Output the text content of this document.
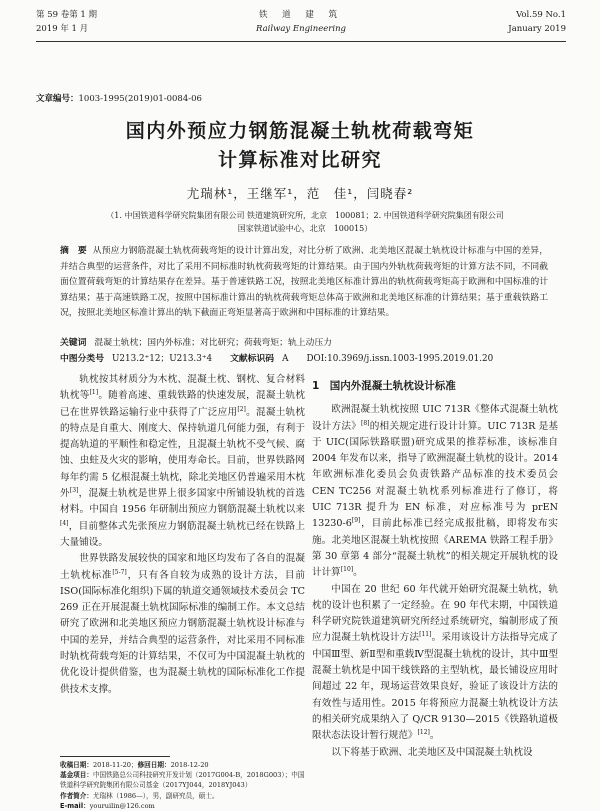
第 59 卷第 1 期
2019 年 1 月
铁 道 建 筑
Railway Engineering
Vol.59 No.1
January 2019
文章编号：1003-1995(2019)01-0084-06
国内外预应力钢筋混凝土轨枕荷载弯矩
计算标准对比研究
尤瑞林¹，王继军¹，范　佳¹，闫晓春²
（1. 中国铁道科学研究院集团有限公司 铁道建筑研究所，北京　100081；2. 中国铁道科学研究院集团有限公司
国家铁道试验中心，北京　100015）
摘　要 从预应力钢筋混凝土轨枕荷载弯矩的设计计算出发，对比分析了欧洲、北美地区混凝土轨枕设计标准与中国的差异，并结合典型的运营条件，对比了采用不同标准时轨枕荷载弯矩的计算结果。由于国内外轨枕荷载弯矩的计算方法不同，不同截面位置荷载弯矩的计算结果存在差异。基于普速铁路工况，按照北美地区标准计算出的轨枕荷载弯矩高于欧洲和中国标准的计算结果；基于高速铁路工况，按照中国标准计算出的轨枕荷载弯矩总体高于欧洲和北美地区标准的计算结果；基于重载铁路工况，按照北美地区标准计算出的轨下截面正弯矩显著高于欧洲和中国标准的计算结果。
关键词 混凝土轨枕；国内外标准；对比研究；荷载弯矩；轨上动压力
中图分类号 U213.2⁺12；U213.3⁺4 文献标识码 A DOI:10.3969/j.issn.1003-1995.2019.01.20

轨枕按其材质分为木枕、混凝土枕、钢枕、复合材料轨枕等[1]。随着高速、重载铁路的快速发展，混凝土轨枕已在世界铁路运输行业中获得了广泛应用[2]。混凝土轨枕的特点是自重大、刚度大、保持轨道几何能力强，有利于提高轨道的平顺性和稳定性，且混凝土轨枕不受气候、腐蚀、虫蛀及火灾的影响，使用寿命长。目前，世界铁路网每年约需 5 亿根混凝土轨枕，除北美地区仍普遍采用木枕外[3]，混凝土轨枕是世界上很多国家中所铺设轨枕的首选材料。中国自 1956 年研制出预应力钢筋混凝土轨枕以来[4]，目前整体式先张预应力钢筋混凝土轨枕已经在铁路上大量铺设。

世界铁路发展较快的国家和地区均发布了各自的混凝土轨枕标准[5-7]，只有各自较为成熟的设计方法，目前 ISO(国际标准化组织)下属的轨道交通领域技术委员会 TC 269 正在开展混凝土轨枕国际标准的编制工作。本文总结研究了欧洲和北美地区预应力钢筋混凝土轨枕设计标准与中国的差异，并结合典型的运营条件，对比采用不同标准时轨枕荷载弯矩的计算结果，不仅可为中国混凝土轨枕的优化设计提供借鉴，也为混凝土轨枕的国际标准化工作提供技术支撑。

1　国内外混凝土轨枕设计标准

欧洲混凝土轨枕按照 UIC 713R《整体式混凝土轨枕设计方法》[8]的相关规定进行设计计算。UIC 713R 是基于 UIC(国际铁路联盟)研究成果的推荐标准，该标准自 2004 年发布以来，指导了欧洲混凝土轨枕的设计。2014 年欧洲标准化委员会负责铁路产品标准的技术委员会 CEN TC256 对混凝土轨枕系列标准进行了修订，将 UIC 713R 提升为 EN 标准，对应标准号为 prEN 13230-6[9]，目前此标准已经完成报批稿，即将发布实施。北美地区混凝土轨枕按照《AREMA 铁路工程手册》第 30 章第 4 部分“混凝土轨枕”的相关规定开展轨枕的设计计算[10]。

中国在 20 世纪 60 年代就开始研究混凝土轨枕，轨枕的设计也积累了一定经验。在 90 年代末期，中国铁道科学研究院铁道建筑研究所经过系统研究，编制形成了预应力混凝土轨枕设计方法[11]。采用该设计方法指导完成了中国Ⅲ型、新Ⅱ型和重载Ⅳ型混凝土轨枕的设计，其中Ⅲ型混凝土轨枕是中国干线铁路的主型轨枕，最长铺设应用时间超过 22 年，现场运营效果良好，验证了该设计方法的有效性与适用性。2015 年将预应力混凝土轨枕设计方法的相关研究成果纳入了 Q/CR 9130—2015《铁路轨道极限状态法设计暂行规范》[12]。

以下将基于欧洲、北美地区及中国混凝土轨枕设

收稿日期：2018-11-20；修回日期：2018-12-20
基金项目：中国铁路总公司科技研究开发计划（2017G004-B，2018G003）；中国铁道科学研究院集团有限公司基金（2017YJ044，2018YJ043）
作者简介：尤瑞林（1986—），男，副研究员，硕士。
E-mail：youruilin@126.com
